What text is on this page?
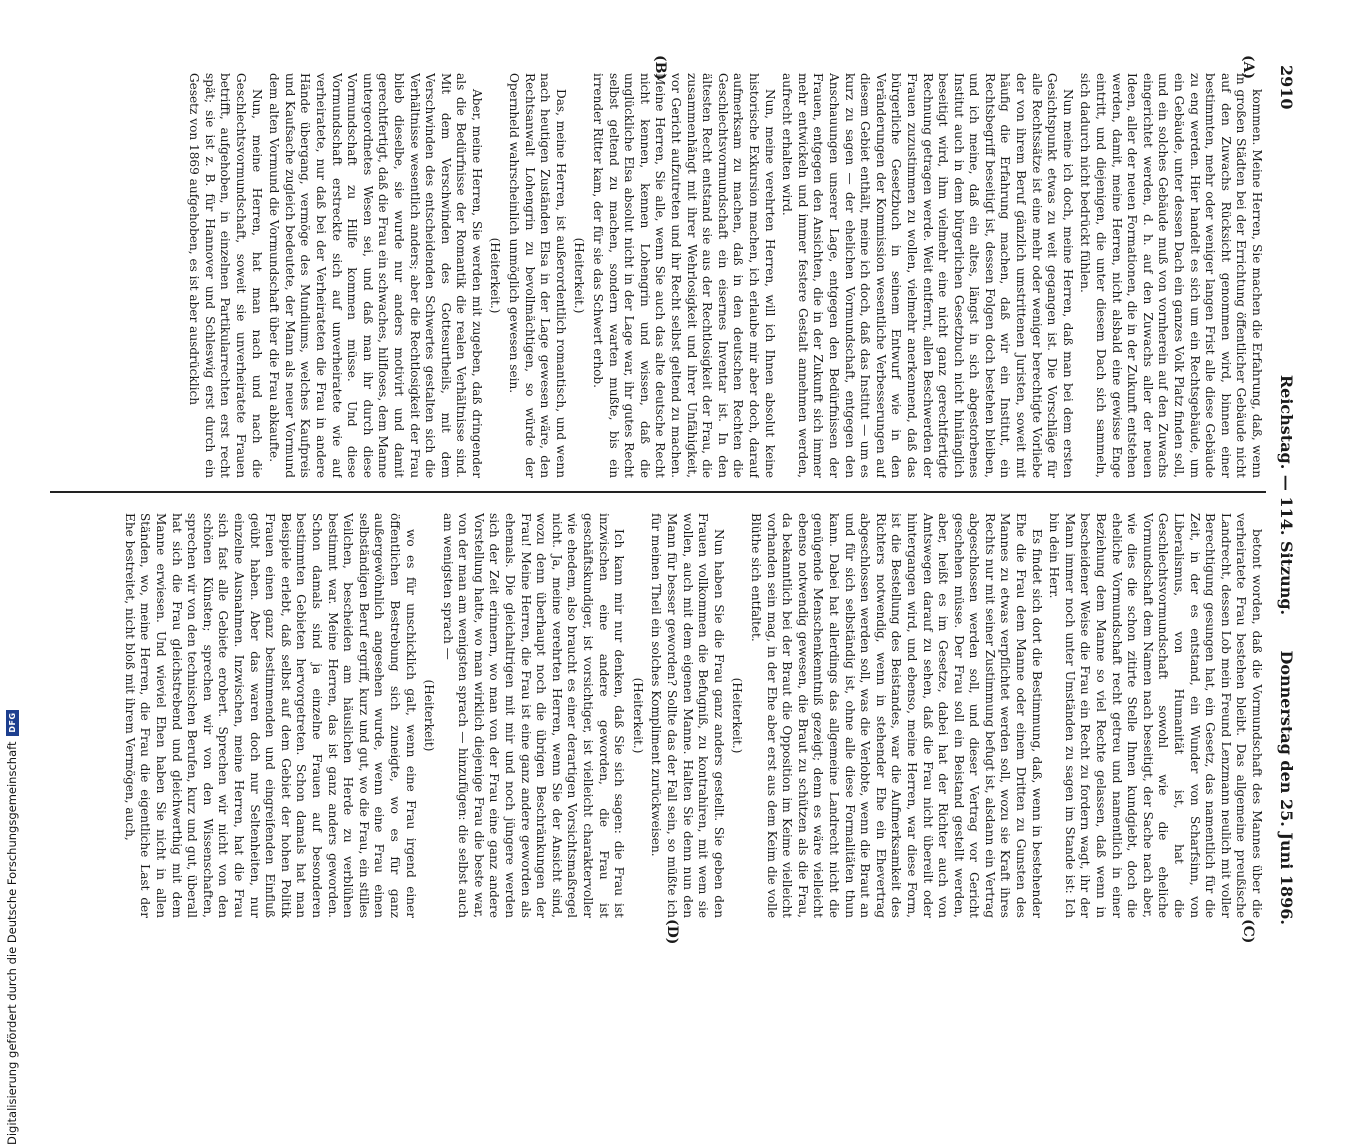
2910
Reichstag. — 114. Sitzung.
Donnerstag den 25. Juni 1896.
(A)
(B)
(C)
(D)

kommen. Meine Herren, Sie machen die Erfahrung, daß, wenn in großen Städten bei der Errichtung öffentlicher Gebäude nicht auf den Zuwachs Rücksicht genommen wird, binnen einer bestimmten, mehr oder weniger langen Frist alle diese Gebäude zu eng werden. Hier handelt es sich um ein Rechtsgebäude, um ein Gebäude, unter dessen Dach ein ganzes Volk Platz finden soll, und ein solches Gebäude muß von vornherein auf den Zuwachs eingerichtet werden, d. h. auf den Zuwachs aller der neuen Ideen, aller der neuen Formationen, die in der Zukunft entstehen werden, damit, meine Herren, nicht alsbald eine gewisse Enge eintritt, und diejenigen, die unter diesem Dach sich sammeln, sich dadurch nicht bedrückt fühlen.

Nun meine ich doch, meine Herren, daß man bei dem ersten Gesichtspunkt etwas zu weit gegangen ist. Die Vorschläge für alle Rechtssätze ist eine mehr oder weniger berechtigte Vorliebe der von ihrem Beruf gänzlich umstrittenen Juristen, soweit mit häufig die Erfahrung machen, daß wir ein Institut, ein Rechtsbegriff beseitigt ist, dessen Folgen doch bestehen bleiben, und ich meine, daß ein altes, längst in sich abgestorbenes Institut auch in dem bürgerlichen Gesetzbuch nicht hinlänglich beseitigt wird, ihm vielmehr eine nicht ganz gerechtfertigte Rechnung getragen werde. Weit entfernt, allen Beschwerden der Frauen zuzustimmen zu wollen, vielmehr anerkennend, daß das bürgerliche Gesetzbuch in seinem Entwurf wie in den Veränderungen der Kommission wesentliche Verbesserungen auf diesem Gebiet enthält, meine ich doch, daß das Institut — um es kurz zu sagen — der ehelichen Vormundschaft, entgegen den Anschauungen unserer Lage, entgegen den Bedürfnissen der Frauen, entgegen den Ansichten, die in der Zukunft sich immer mehr entwickeln und immer festere Gestalt annehmen werden, aufrecht erhalten wird.

Nun, meine verehrten Herren, will ich Ihnen absolut keine historische Exkursion machen, ich erlaube mir aber doch, darauf aufmerksam zu machen, daß in den deutschen Rechten die Geschlechtsvormundschaft ein eisernes Inventar ist. In den ältesten Recht entstand sie aus der Rechtlosigkeit der Frau, die zusammenhängt mit ihrer Wehrlosigkeit und ihrer Unfähigkeit, vor Gericht aufzutreten und ihr Recht selbst geltend zu machen. Meine Herren, Sie alle, wenn Sie auch das alte deutsche Recht nicht kennen, kennen Lohengrin und wissen, daß die unglückliche Elsa absolut nicht in der Lage war, ihr gutes Recht selbst geltend zu machen, sondern warten mußte, bis ein irrender Ritter kam, der für sie das Schwert erhob.

(Heiterkeit.)

Das, meine Herren, ist außerordentlich romantisch, und wenn nach heutigen Zuständen Elsa in der Lage gewesen wäre, den Rechtsanwalt Lohengrin zu bevollmächtigen, so würde der Opernheld wahrscheinlich unmöglich gewesen sein.

(Heiterkeit.)

Aber, meine Herren, Sie werden mit zugeben, daß dringender als die Bedürfnisse der Romantik die realen Verhältnisse sind. Mit dem Verschwinden des Gottesurtheils, mit dem Verschwinden des entscheidenden Schwertes gestalten sich die Verhältnisse wesentlich anders; aber die Rechtlosigkeit der Frau blieb dieselbe, sie wurde nur anders motivirt und damit gerechtfertigt, daß die Frau ein schwaches, hilfloses, dem Manne untergeordnetes Wesen sei, und daß man ihr durch diese Vormundschaft zu Hilfe kommen müsse. Und diese Vormundschaft erstreckte sich auf unverheiratete wie auf verheiratete, nur daß bei der Verheirateten die Frau in andere Hände übergang, vermöge des Mundiums, welches Kaufpreis und Kaufsache zugleich bedeutete, der Mann als neuer Vormund dem alten Vormund die Vormundschaft über die Frau abkaufte.

Nun, meine Herren, hat man nach und nach die Geschlechtsvormundschaft, soweit sie unverheiratete Frauen betrifft, aufgehoben, in einzelnen Partikularrechten erst recht spät; sie ist z. B. für Hannover und Schleswig erst durch ein Gesetz von 1869 aufgehoben, es ist aber ausdrücklich

betont worden, daß die Vormundschaft des Mannes über die verheiratete Frau bestehen bleibt. Das allgemeine preußische Landrecht, dessen Lob mein Freund Lenzmann neulich mit voller Berechtigung gesungen hat, ein Gesetz, das namentlich für die Zeit, in der es entstand, ein Wunder von Scharfsinn, von Liberalismus, von Humanität ist, hat die Geschlechtsvormundschaft sowohl wie die eheliche Vormundschaft dem Namen nach beseitigt, der Sache nach aber, wie dies die schon zitirte Stelle Ihnen kundgiebt, doch die eheliche Vormundschaft recht getreu und namentlich in einer Beziehung dem Manne so viel Rechte gelassen, daß wenn in bescheidener Weise die Frau ein Recht zu fordern wagt, ihr der Mann immer noch unter Umständen zu sagen im Stande ist: Ich bin dein Herr.

Es findet sich dort die Bestimmung, daß, wenn in bestehender Ehe die Frau dem Manne oder einem Dritten zu Gunsten des Mannes zu etwas verpflichtet werden soll, wozu sie Kraft ihres Rechts nur mit seiner Zustimmung befugt ist, alsdann ein Vertrag abgeschlossen werden soll, und dieser Vertrag vor Gericht geschehen müsse. Der Frau soll ein Beistand gestellt werden, aber, heißt es im Gesetze, dabei hat der Richter auch von Amtswegen darauf zu sehen, daß die Frau nicht übereilt oder hintergangen wird, und ebenso, meine Herren, war diese Form, ist die Bestellung des Beistandes, war die Aufmerksamkeit des Richters notwendig, wenn in stehender Ehe ein Ehevertrag abgeschlossen werden soll, was die Verlobte, wenn die Braut an und für sich selbständig ist, ohne alle diese Formalitäten thun kann. Dabei hat allerdings das allgemeine Landrecht nicht die genügende Menschenkenntniß gezeigt; denn es wäre vielleicht ebenso notwendig gewesen, die Braut zu schützen als die Frau, da bekanntlich bei der Braut die Opposition im Keime vielleicht vorhanden sein mag, in der Ehe aber erst aus dem Keim die volle Blüthe sich entfaltet.

(Heiterkeit.)

Nun haben Sie die Frau ganz anders gestellt. Sie geben den Frauen vollkommen die Befugniß, zu kontrahiren, mit wem sie wollen, auch mit dem eigenen Manne. Halten Sie denn nun den Mann für besser geworden? Sollte das der Fall sein, so müßte ich für meinen Theil ein solches Kompliment zurückweisen.

(Heiterkeit.)

Ich kann mir nur denken, daß Sie sich sagen: die Frau ist inzwischen eine andere geworden, die Frau ist geschäftskundiger, ist vorsichtiger, ist vielleicht charaktervoller wie ehedem, also braucht es einer derartigen Vorsichtsmaßregel nicht. Ja, meine verehrten Herren, wenn Sie der Ansicht sind, wozu denn überhaupt noch die übrigen Beschränkungen der Frau! Meine Herren, die Frau ist eine ganz andere geworden als ehemals. Die gleichaltrigen mit mir und noch jüngere werden sich der Zeit erinnern, wo man von der Frau eine ganz andere Vorstellung hatte, wo man wirklich diejenige Frau die beste war, von der man am wenigsten sprach — hinzufügen: die selbst auch am wenigsten sprach —

(Heiterkeit)

wo es für unschicklich galt, wenn eine Frau irgend einer öffentlichen Bestrebung sich zuneigte, wo es für ganz außergewöhnlich angesehen wurde, wenn eine Frau einen selbständigen Beruf ergriff, kurz und gut, wo die Frau, ein stilles Veilchen, bescheiden am häuslichen Herde zu verblühen bestimmt war. Meine Herren, das ist ganz anders geworden. Schon damals sind ja einzelne Frauen auf besonderen bestimmten Gebieten hervorgetreten. Schon damals hat man Beispiele erlebt, daß selbst auf dem Gebiet der hohen Politik Frauen einen ganz bestimmenden und eingreifenden Einfluß geübt haben. Aber das waren doch nur Seltenheiten, nur einzelne Ausnahmen. Inzwischen, meine Herren, hat die Frau sich fast alle Gebiete erobert. Sprechen wir nicht von den schönen Künsten; sprechen wir von den Wissenschaften, sprechen wir von den technischen Berufen, kurz und gut, überall hat sich die Frau gleichstrebend und gleichwerthig mit dem Manne erwiesen. Und wieviel Ehen haben Sie nicht in allen Ständen, wo, meine Herren, die Frau die eigentliche Last der Ehe bestreitet, nicht bloß mit ihrem Vermögen, auch,

Digitalisierung gefördert durch die Deutsche Forschungsgemeinschaft
DFG
